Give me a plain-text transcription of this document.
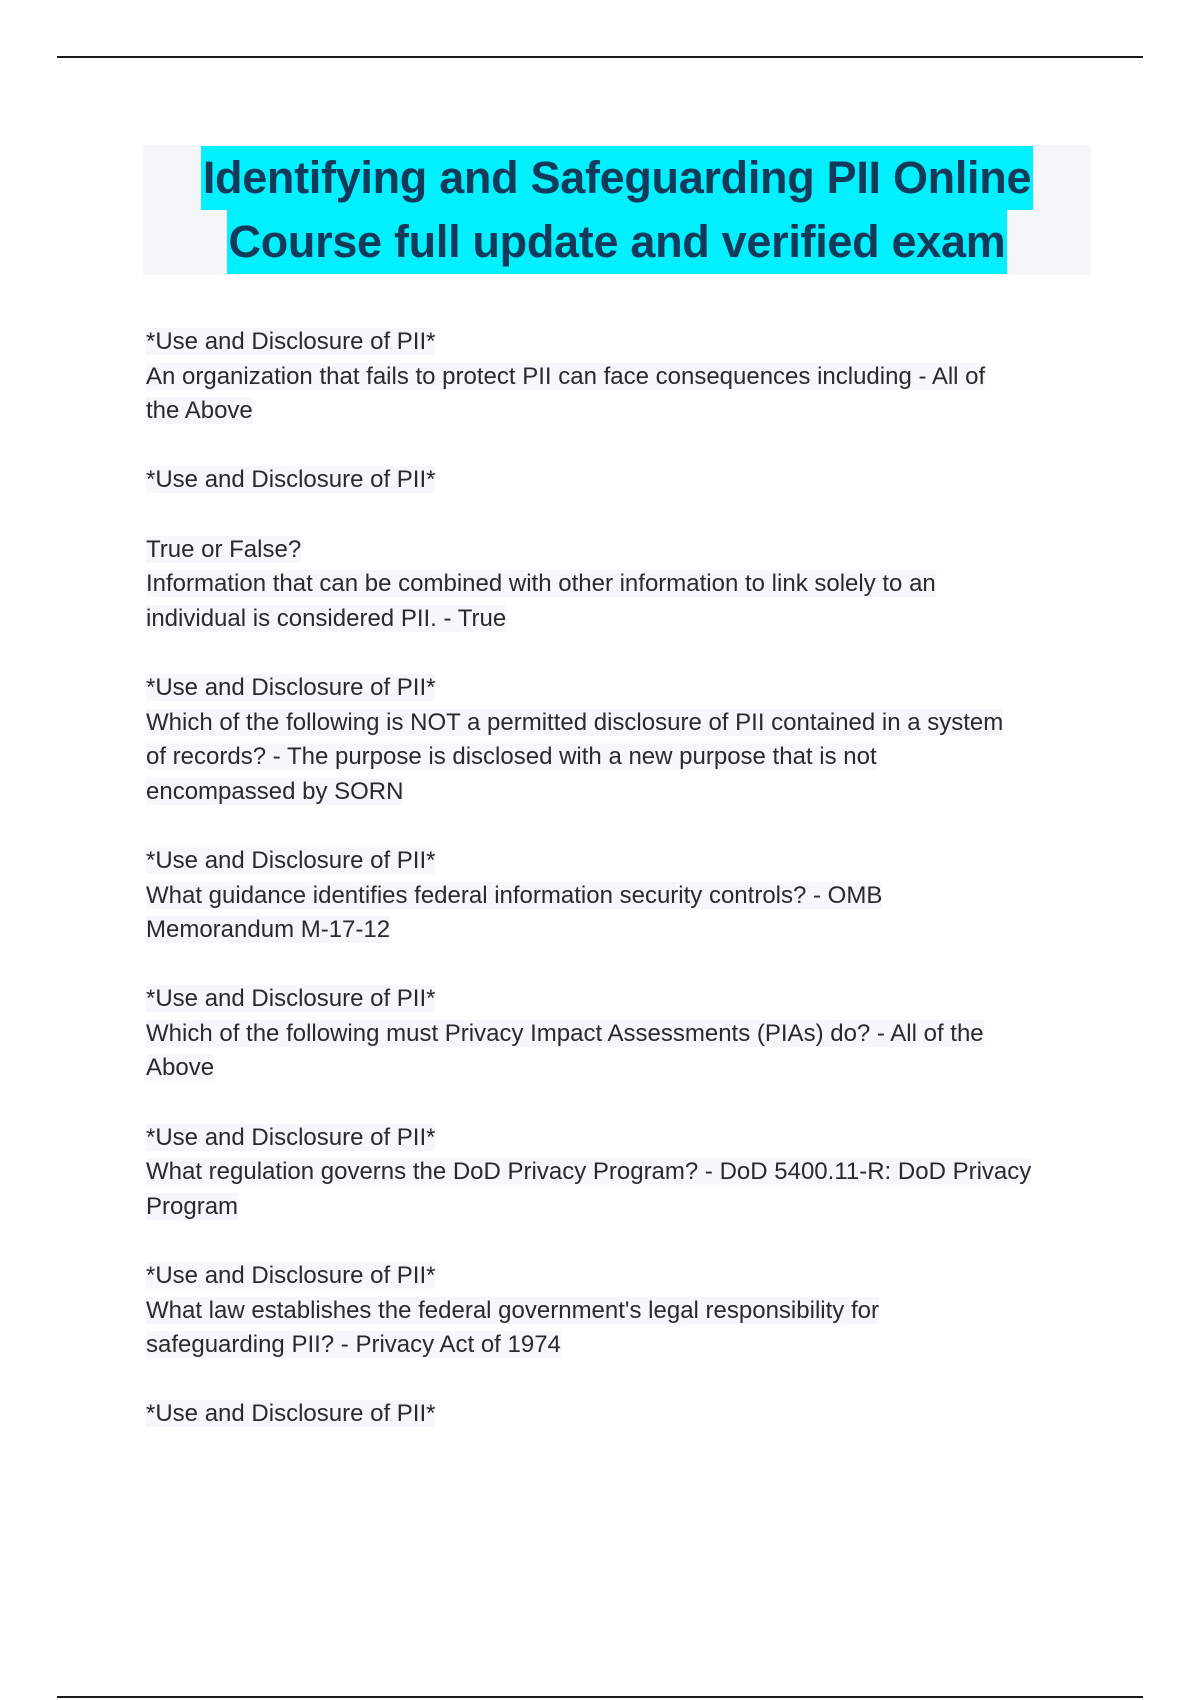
Identifying and Safeguarding PII Online
Course full update and verified exam
*Use and Disclosure of PII*
An organization that fails to protect PII can face consequences including - All of
the Above
*Use and Disclosure of PII*
True or False?
Information that can be combined with other information to link solely to an
individual is considered PII. - True
*Use and Disclosure of PII*
Which of the following is NOT a permitted disclosure of PII contained in a system
of records? - The purpose is disclosed with a new purpose that is not
encompassed by SORN
*Use and Disclosure of PII*
What guidance identifies federal information security controls? - OMB
Memorandum M-17-12
*Use and Disclosure of PII*
Which of the following must Privacy Impact Assessments (PIAs) do? - All of the
Above
*Use and Disclosure of PII*
What regulation governs the DoD Privacy Program? - DoD 5400.11-R: DoD Privacy
Program
*Use and Disclosure of PII*
What law establishes the federal government's legal responsibility for
safeguarding PII? - Privacy Act of 1974
*Use and Disclosure of PII*
